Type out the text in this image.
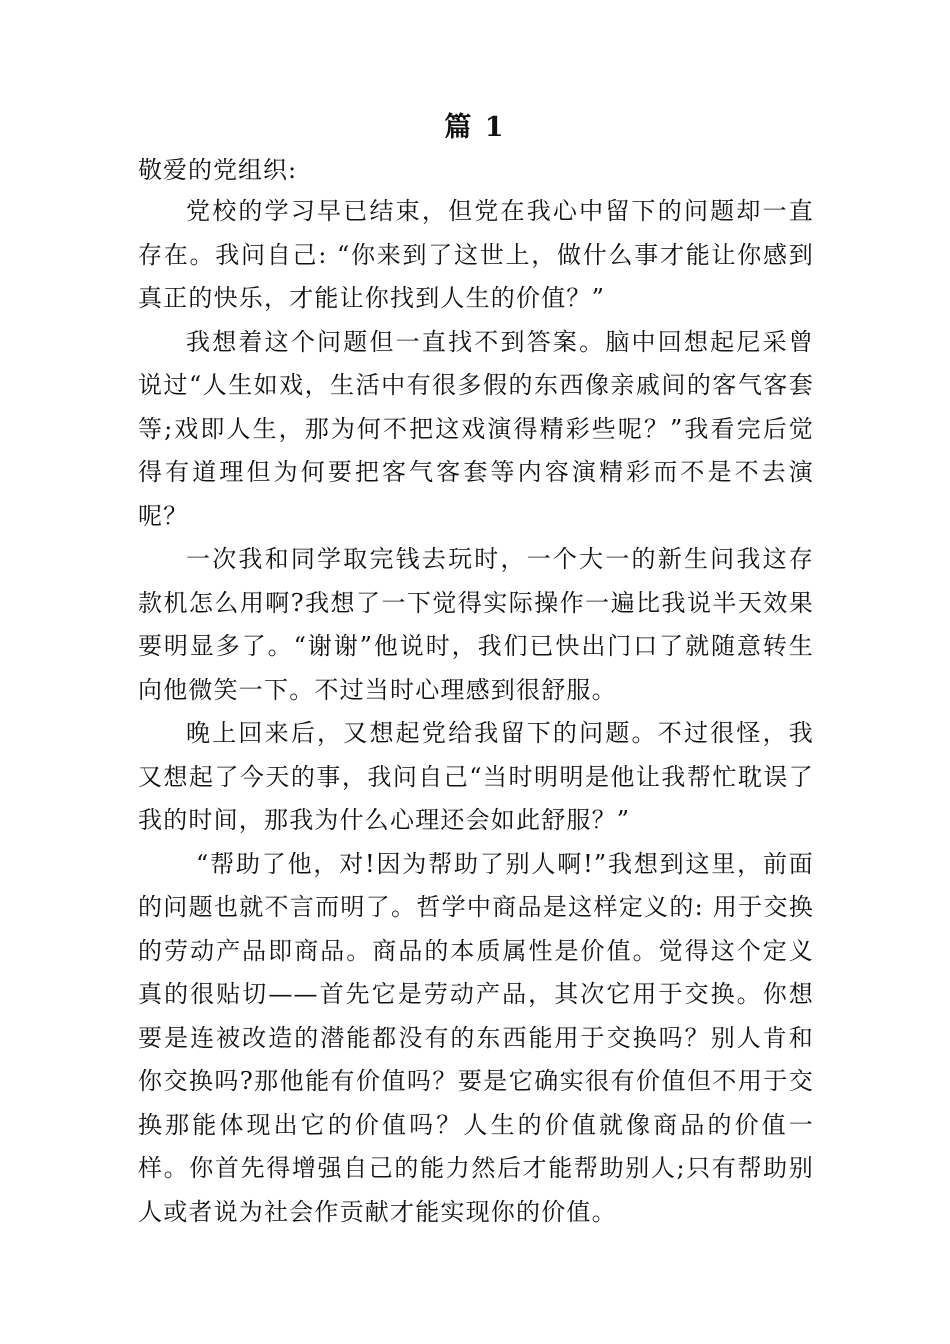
篇 1
敬爱的党组织:

党校的学习早已结束，但党在我心中留下的问题却一直存在。我问自己: “你来到了这世上，做什么事才能让你感到真正的快乐，才能让你找到人生的价值？”

我想着这个问题但一直找不到答案。脑中回想起尼采曾说过“人生如戏，生活中有很多假的东西像亲戚间的客气客套等;戏即人生，那为何不把这戏演得精彩些呢？”我看完后觉得有道理但为何要把客气客套等内容演精彩而不是不去演呢？

一次我和同学取完钱去玩时，一个大一的新生问我这存款机怎么用啊?我想了一下觉得实际操作一遍比我说半天效果要明显多了。“谢谢”他说时，我们已快出门口了就随意转生向他微笑一下。不过当时心理感到很舒服。

晚上回来后，又想起党给我留下的问题。不过很怪，我又想起了今天的事，我问自己“当时明明是他让我帮忙耽误了我的时间，那我为什么心理还会如此舒服？”

“帮助了他，对!因为帮助了别人啊!”我想到这里，前面的问题也就不言而明了。哲学中商品是这样定义的: 用于交换的劳动产品即商品。商品的本质属性是价值。觉得这个定义真的很贴切——首先它是劳动产品，其次它用于交换。你想要是连被改造的潜能都没有的东西能用于交换吗？别人肯和你交换吗?那他能有价值吗？要是它确实很有价值但不用于交换那能体现出它的价值吗？人生的价值就像商品的价值一样。你首先得增强自己的能力然后才能帮助别人;只有帮助别人或者说为社会作贡献才能实现你的价值。
